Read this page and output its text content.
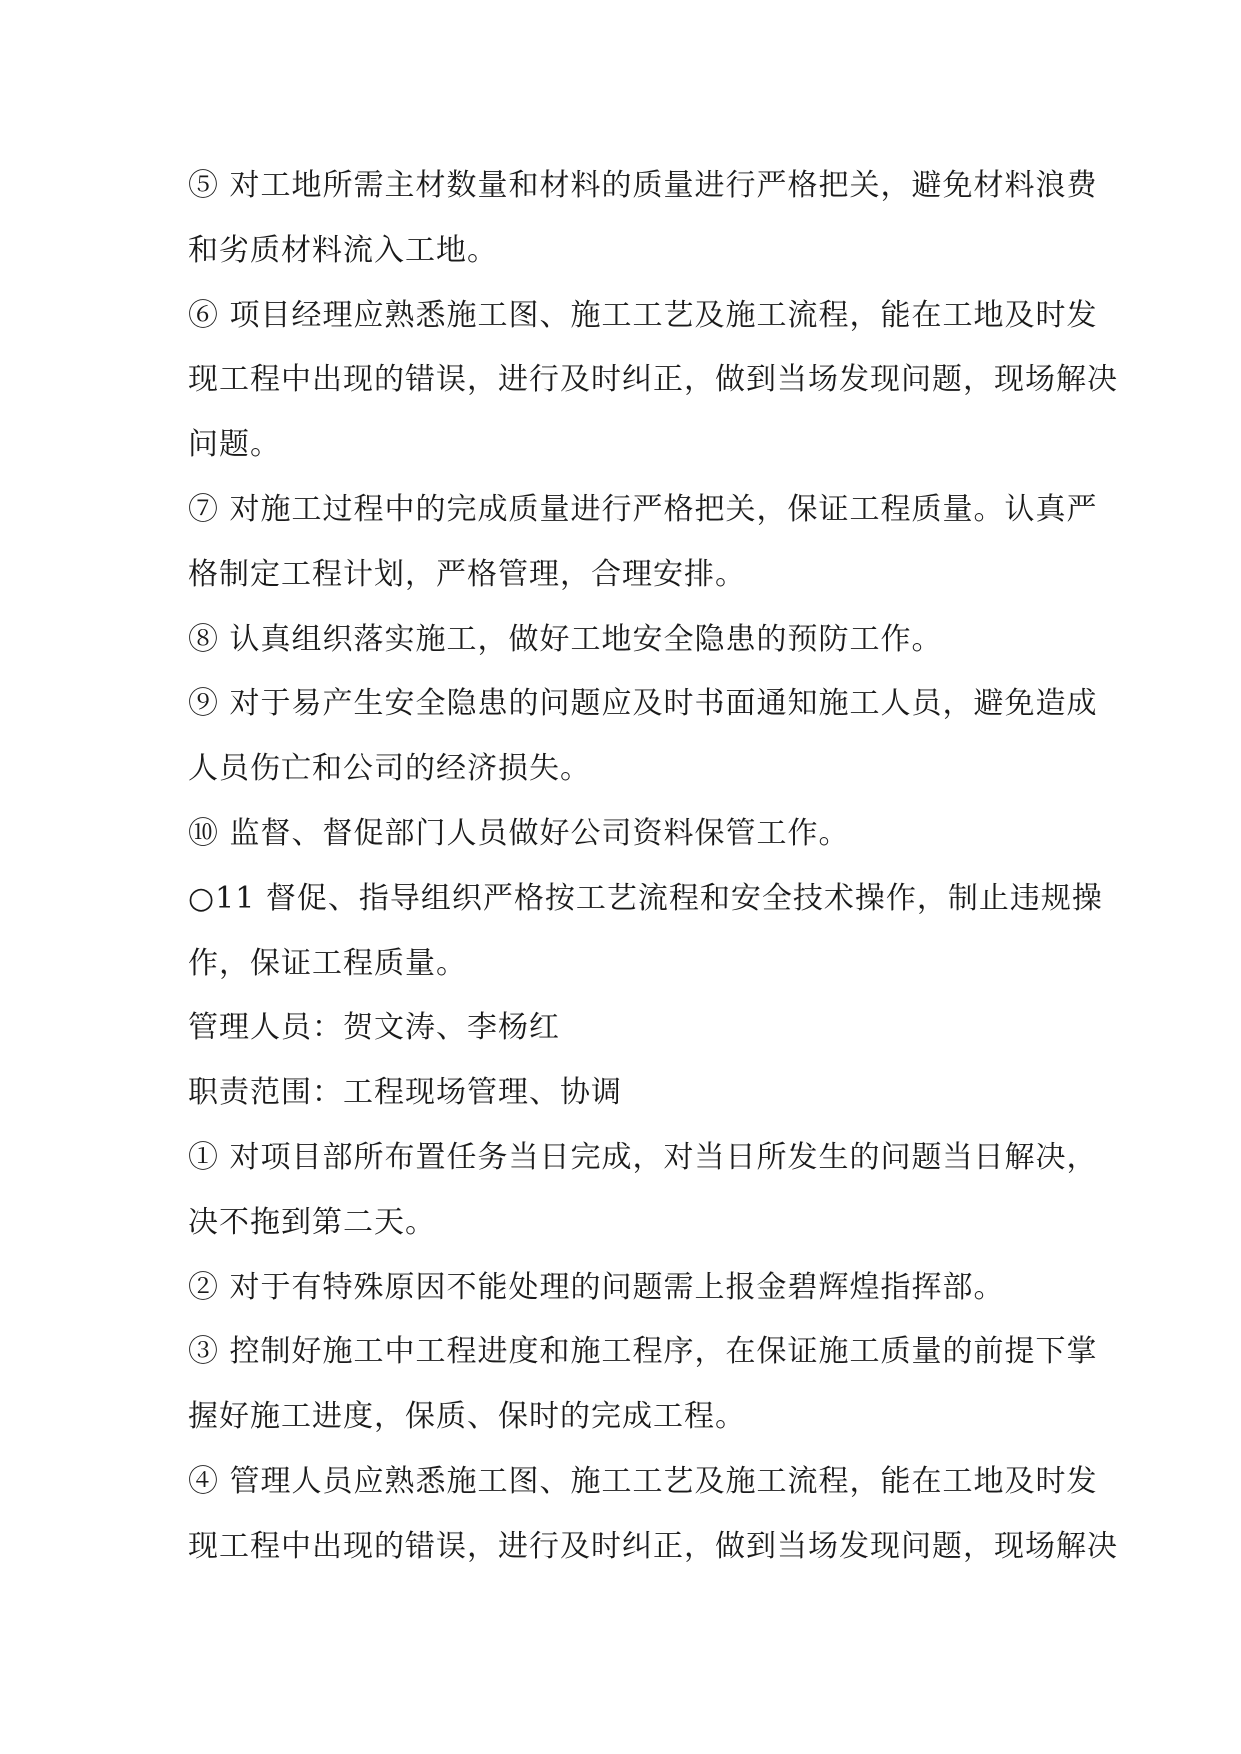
⑤ 对工地所需主材数量和材料的质量进行严格把关，避免材料浪费
和劣质材料流入工地。
⑥ 项目经理应熟悉施工图、施工工艺及施工流程，能在工地及时发
现工程中出现的错误，进行及时纠正，做到当场发现问题，现场解决
问题。
⑦ 对施工过程中的完成质量进行严格把关，保证工程质量。认真严
格制定工程计划，严格管理，合理安排。
⑧ 认真组织落实施工，做好工地安全隐患的预防工作。
⑨ 对于易产生安全隐患的问题应及时书面通知施工人员，避免造成
人员伤亡和公司的经济损失。
⑩ 监督、督促部门人员做好公司资料保管工作。
○11 督促、指导组织严格按工艺流程和安全技术操作，制止违规操
作，保证工程质量。
管理人员：贺文涛、李杨红
职责范围：工程现场管理、协调
① 对项目部所布置任务当日完成，对当日所发生的问题当日解决，
决不拖到第二天。
② 对于有特殊原因不能处理的问题需上报金碧辉煌指挥部。
③ 控制好施工中工程进度和施工程序，在保证施工质量的前提下掌
握好施工进度，保质、保时的完成工程。
④ 管理人员应熟悉施工图、施工工艺及施工流程，能在工地及时发
现工程中出现的错误，进行及时纠正，做到当场发现问题，现场解决
